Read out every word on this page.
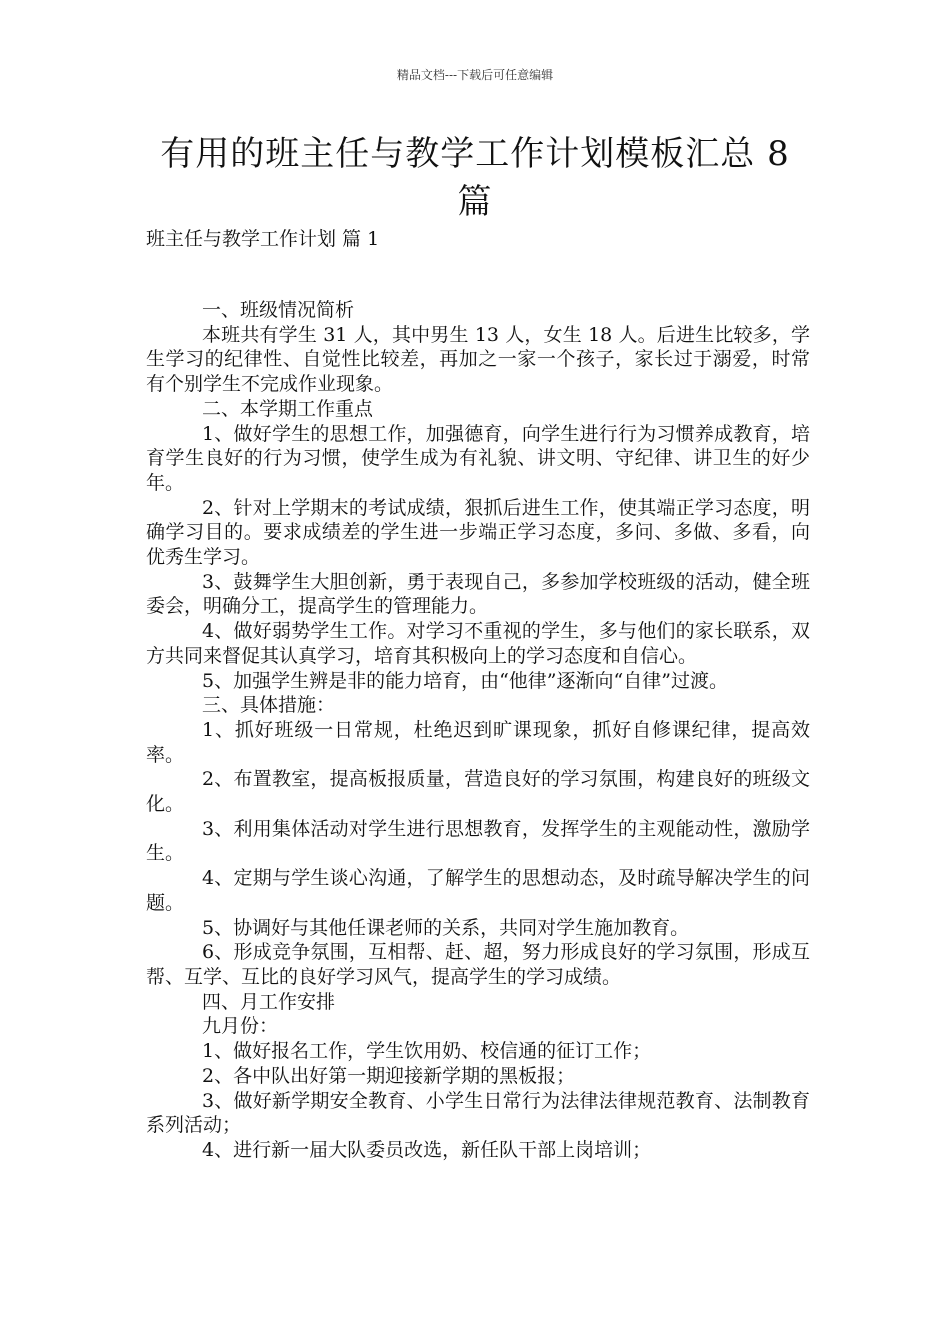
精品文档---下载后可任意编辑
有用的班主任与教学工作计划模板汇总 8 篇
班主任与教学工作计划 篇 1

一、班级情况简析

本班共有学生 31 人，其中男生 13 人，女生 18 人。后进生比较多，学生学习的纪律性、自觉性比较差，再加之一家一个孩子，家长过于溺爱，时常有个别学生不完成作业现象。

二、本学期工作重点

1、做好学生的思想工作，加强德育，向学生进行行为习惯养成教育，培育学生良好的行为习惯，使学生成为有礼貌、讲文明、守纪律、讲卫生的好少年。

2、针对上学期末的考试成绩，狠抓后进生工作，使其端正学习态度，明确学习目的。要求成绩差的学生进一步端正学习态度，多问、多做、多看，向优秀生学习。

3、鼓舞学生大胆创新，勇于表现自己，多参加学校班级的活动，健全班委会，明确分工，提高学生的管理能力。

4、做好弱势学生工作。对学习不重视的学生，多与他们的家长联系，双方共同来督促其认真学习，培育其积极向上的学习态度和自信心。

5、加强学生辨是非的能力培育，由“他律”逐渐向“自律”过渡。

三、具体措施：

1、抓好班级一日常规，杜绝迟到旷课现象，抓好自修课纪律，提高效率。

2、布置教室，提高板报质量，营造良好的学习氛围，构建良好的班级文化。

3、利用集体活动对学生进行思想教育，发挥学生的主观能动性，激励学生。

4、定期与学生谈心沟通，了解学生的思想动态，及时疏导解决学生的问题。

5、协调好与其他任课老师的关系，共同对学生施加教育。

6、形成竞争氛围，互相帮、赶、超，努力形成良好的学习氛围，形成互帮、互学、互比的良好学习风气，提高学生的学习成绩。

四、月工作安排

九月份：

1、做好报名工作，学生饮用奶、校信通的征订工作；

2、各中队出好第一期迎接新学期的黑板报；

3、做好新学期安全教育、小学生日常行为法律法律规范教育、法制教育系列活动；

4、进行新一届大队委员改选，新任队干部上岗培训；
